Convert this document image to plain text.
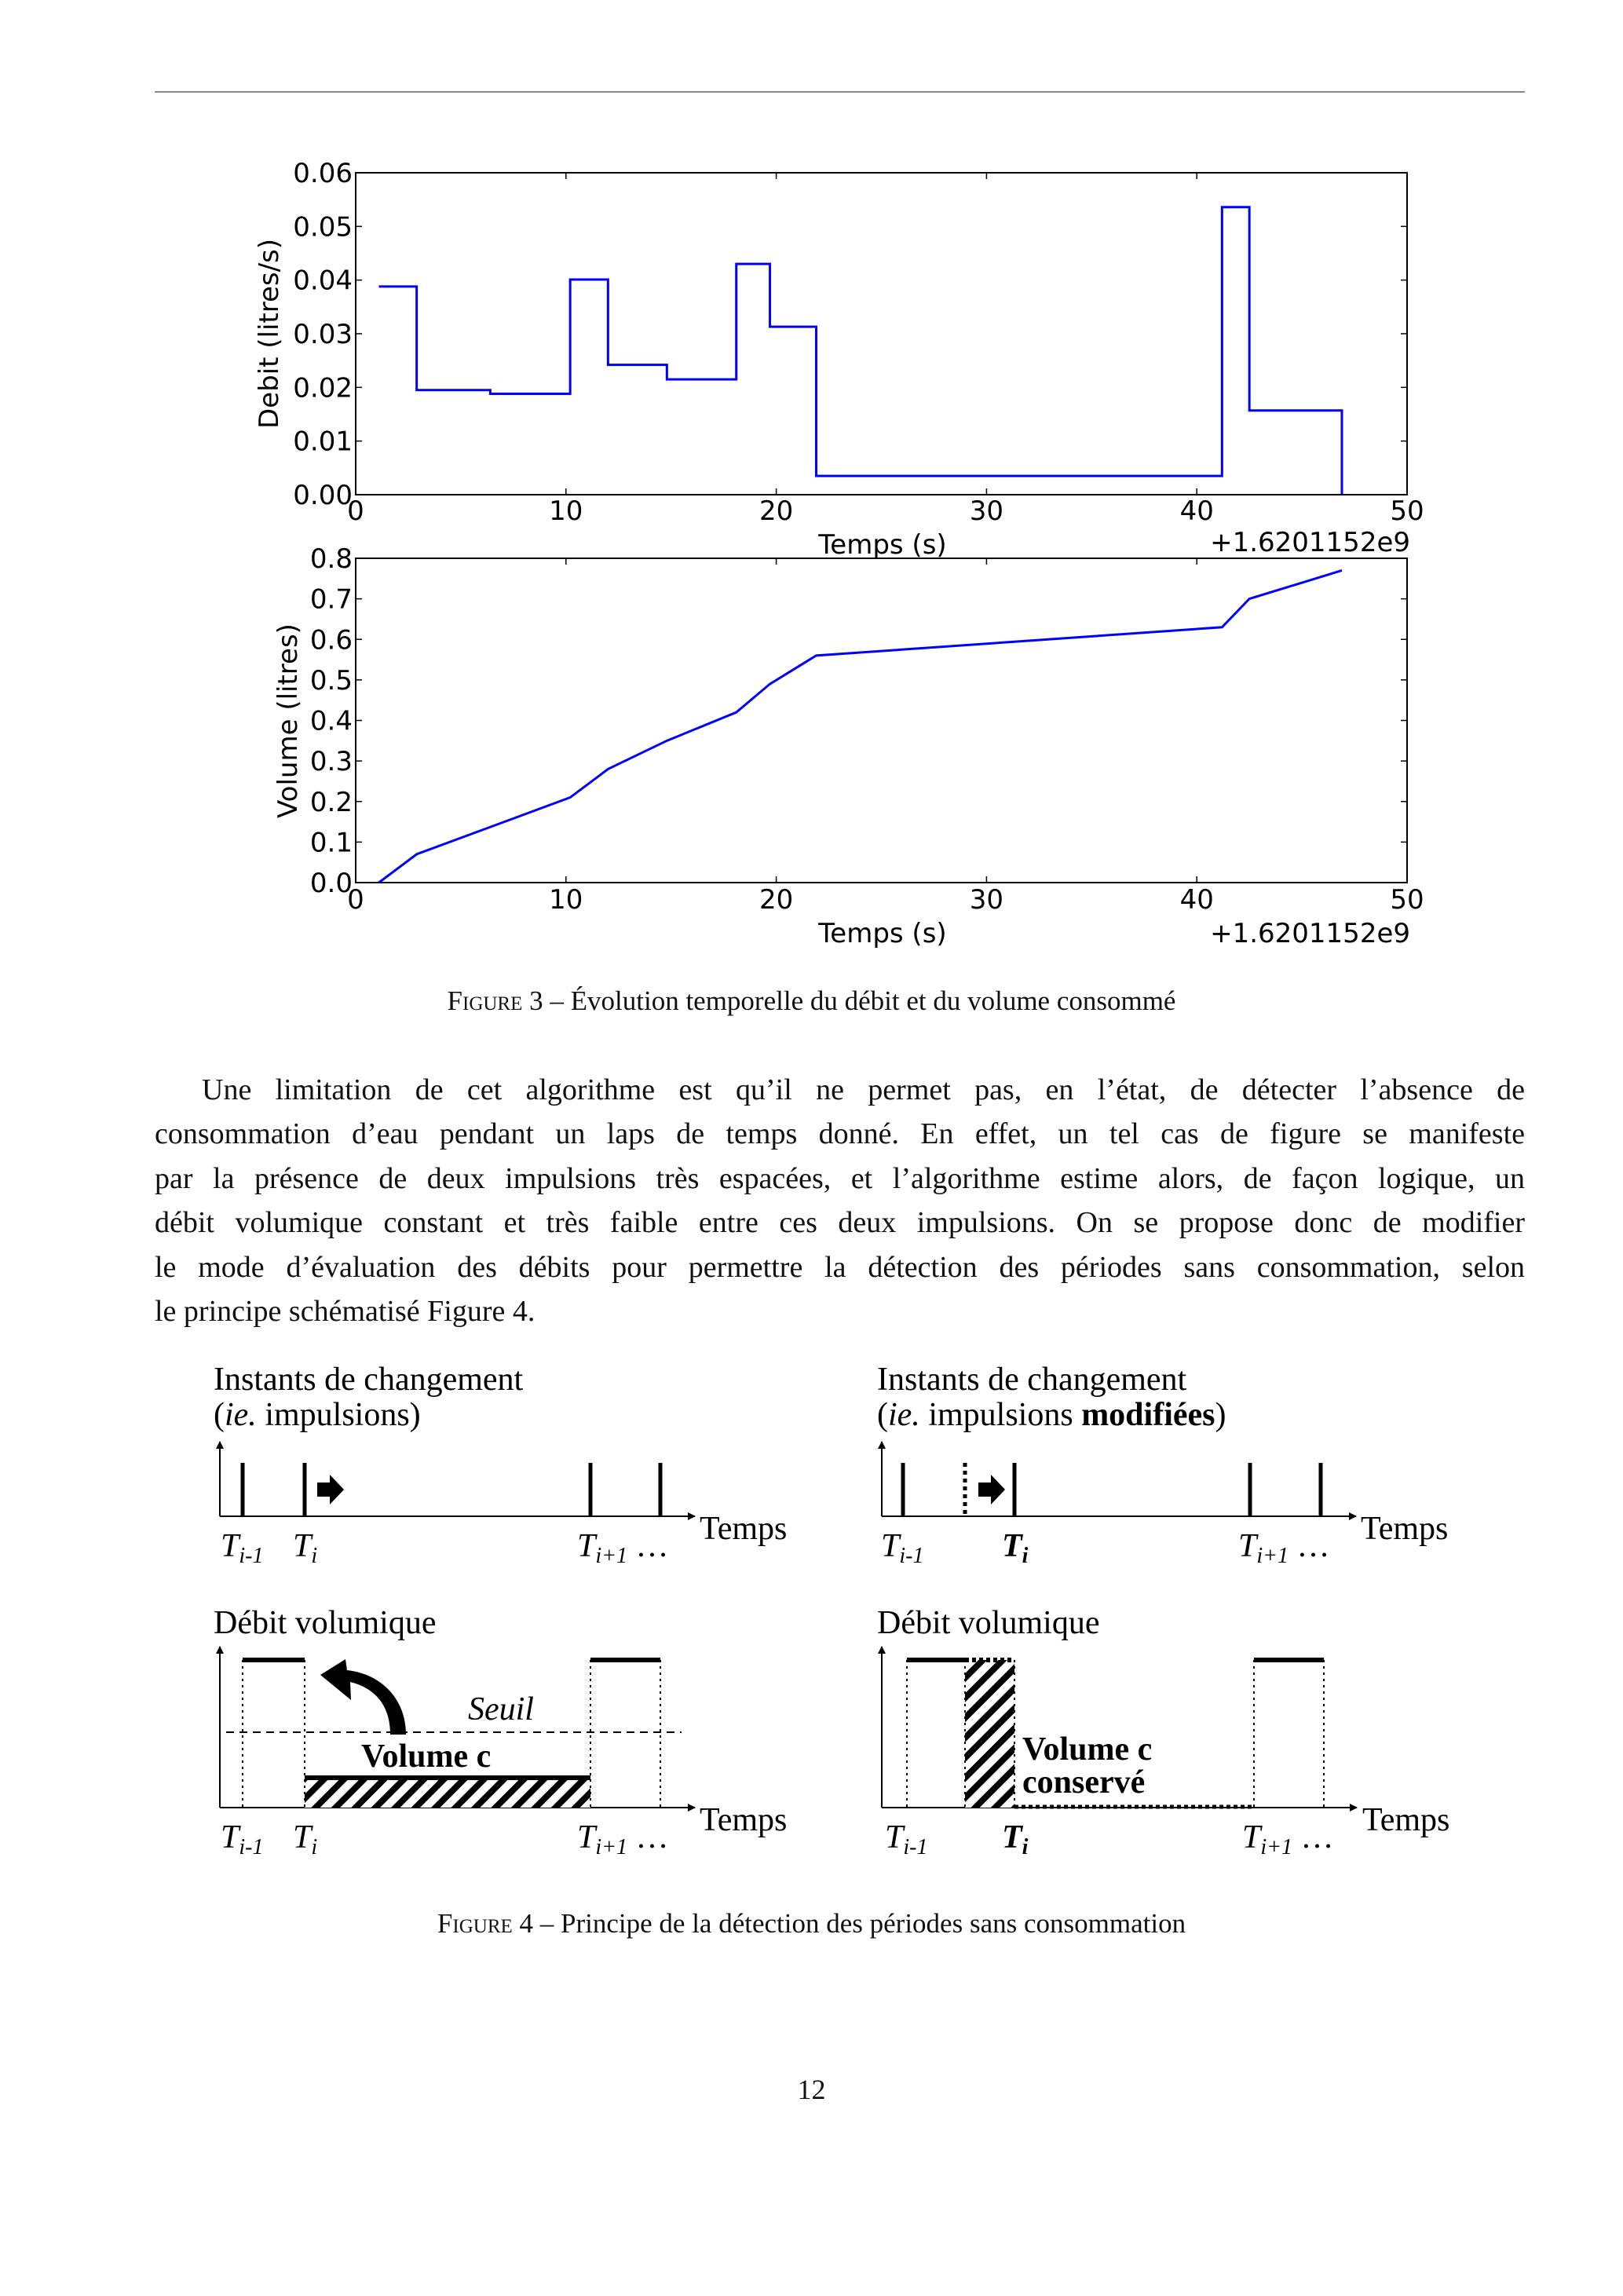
0	10	20	30	40	50
0.00
0.01
0.02
0.03
0.04
0.05
0.06
Temps (s)	+1.6201152e9
Debit (litres/s)
0	10	20	30	40	50
0.0
0.1
0.2
0.3
0.4
0.5
0.6
0.7
0.8
Temps (s)	+1.6201152e9
Volume (litres)
Instants de changement
(ie. impulsions)
Temps
Ti-1 Ti	Ti+1 …
Débit volumique
Temps
Seuil
Volume c
Ti-1 Ti	Ti+1 …
Instants de changement
(ie. impulsions modifiées)
Temps
Ti-1 Ti	Ti+1 …
Débit volumique
Temps
Volume c
conservé
Ti-1 Ti	Ti+1 …
Figure 3 – Évolution temporelle du débit et du volume consommé
Une limitation de cet algorithme est qu’il ne permet pas, en l’état, de détecter l’absence de
consommation d’eau pendant un laps de temps donné. En effet, un tel cas de figure se manifeste
par la présence de deux impulsions très espacées, et l’algorithme estime alors, de façon logique, un
débit volumique constant et très faible entre ces deux impulsions. On se propose donc de modifier
le mode d’évaluation des débits pour permettre la détection des périodes sans consommation, selon
le principe schématisé Figure 4.
Figure 4 – Principe de la détection des périodes sans consommation
12
